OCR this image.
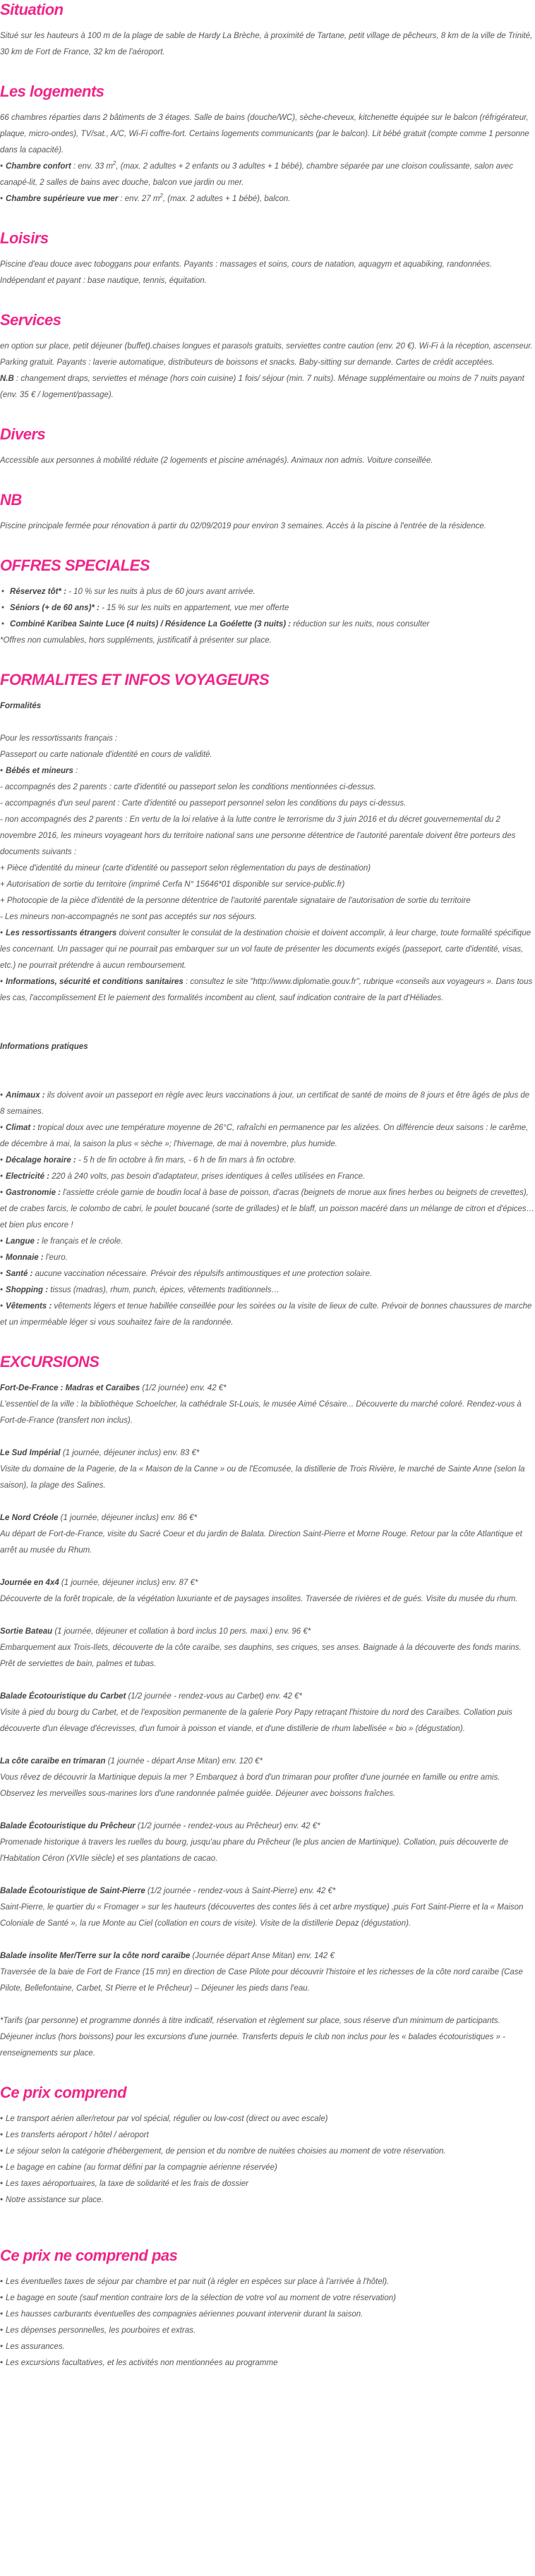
Situation

Situé sur les hauteurs à 100 m de la plage de sable de Hardy La Brèche, à proximité de Tartane, petit village de pêcheurs, 8 km de la ville de Trinité, 30 km de Fort de France, 32 km de l'aéroport.

Les logements

66 chambres réparties dans 2 bâtiments de 3 étages. Salle de bains (douche/WC), sèche-cheveux, kitchenette équipée sur le balcon (réfrigérateur, plaque, micro-ondes), TV/sat., A/C, Wi-Fi coffre-fort. Certains logements communicants (par le balcon). Lit bébé gratuit (compte comme 1 personne dans la capacité).

• Chambre confort : env. 33 $m^2$, (max. 2 adultes + 2 enfants ou 3 adultes + 1 bébé), chambre séparée par une cloison coulissante, salon avec canapé-lit, 2 salles de bains avec douche, balcon vue jardin ou mer.

• Chambre supérieure vue mer : env. 27 $m^2$, (max. 2 adultes + 1 bébé), balcon.

Loisirs

Piscine d'eau douce avec toboggans pour enfants. Payants : massages et soins, cours de natation, aquagym et aquabiking, randonnées. Indépendant et payant : base nautique, tennis, équitation.

Services

en option sur place, petit déjeuner (buffet).chaises longues et parasols gratuits, serviettes contre caution (env. 20 €). Wi-Fi à la réception, ascenseur. Parking gratuit. Payants : laverie automatique, distributeurs de boissons et snacks. Baby-sitting sur demande. Cartes de crédit acceptées.

N.B : changement draps, serviettes et ménage (hors coin cuisine) 1 fois/ séjour (min. 7 nuits). Ménage supplémentaire ou moins de 7 nuits payant (env. 35 € / logement/passage).

Divers

Accessible aux personnes à mobilité réduite (2 logements et piscine aménagés). Animaux non admis. Voiture conseillée.

NB

Piscine principale fermée pour rénovation à partir du 02/09/2019 pour environ 3 semaines. Accès à la piscine à l'entrée de la résidence.

OFFRES SPECIALES
• Réservez tôt* : - 10 % sur les nuits à plus de 60 jours avant arrivée.
• Séniors (+ de 60 ans)* : - 15 % sur les nuits en appartement, vue mer offerte
• Combiné Karibea Sainte Luce (4 nuits) / Résidence La Goélette (3 nuits) : réduction sur les nuits, nous consulter

*Offres non cumulables, hors suppléments, justificatif à présenter sur place.

FORMALITES ET INFOS VOYAGEURS

Formalités

Pour les ressortissants français :

Passeport ou carte nationale d'identité en cours de validité.

• Bébés et mineurs :

- accompagnés des 2 parents : carte d'identité ou passeport selon les conditions mentionnées ci-dessus.

- accompagnés d'un seul parent : Carte d'identité ou passeport personnel selon les conditions du pays ci-dessus.

- non accompagnés des 2 parents : En vertu de la loi relative à la lutte contre le terrorisme du 3 juin 2016 et du décret gouvernemental du 2 novembre 2016, les mineurs voyageant hors du territoire national sans une personne détentrice de l'autorité parentale doivent être porteurs des documents suivants :

+ Pièce d'identité du mineur (carte d'identité ou passeport selon règlementation du pays de destination)

+ Autorisation de sortie du territoire (imprimé Cerfa N° 15646*01 disponible sur service-public.fr)

+ Photocopie de la pièce d'identité de la personne détentrice de l'autorité parentale signataire de l'autorisation de sortie du territoire

- Les mineurs non-accompagnés ne sont pas acceptés sur nos séjours.

• Les ressortissants étrangers doivent consulter le consulat de la destination choisie et doivent accomplir, à leur charge, toute formalité spécifique les concernant. Un passager qui ne pourrait pas embarquer sur un vol faute de présenter les documents exigés (passeport, carte d'identité, visas, etc.) ne pourrait prétendre à aucun remboursement.

• Informations, sécurité et conditions sanitaires : consultez le site "http://www.diplomatie.gouv.fr", rubrique «conseils aux voyageurs ». Dans tous les cas, l'accomplissement Et le paiement des formalités incombent au client, sauf indication contraire de la part d'Héliades.

Informations pratiques

• Animaux : ils doivent avoir un passeport en règle avec leurs vaccinations à jour, un certificat de santé de moins de 8 jours et être âgés de plus de 8 semaines.

• Climat : tropical doux avec une température moyenne de 26°C, rafraîchi en permanence par les alizées. On différencie deux saisons : le carême, de décembre à mai, la saison la plus « sèche »; l'hivernage, de mai à novembre, plus humide.

• Décalage horaire : - 5 h de fin octobre à fin mars, - 6 h de fin mars à fin octobre.

• Electricité : 220 à 240 volts, pas besoin d'adaptateur, prises identiques à celles utilisées en France.

• Gastronomie : l'assiette créole garnie de boudin local à base de poisson, d'acras (beignets de morue aux fines herbes ou beignets de crevettes), et de crabes farcis, le colombo de cabri, le poulet boucané (sorte de grillades) et le blaff, un poisson macéré dans un mélange de citron et d'épices… et bien plus encore !

• Langue : le français et le créole.

• Monnaie : l'euro.

• Santé : aucune vaccination nécessaire. Prévoir des répulsifs antimoustiques et une protection solaire.

• Shopping : tissus (madras), rhum, punch, épices, vêtements traditionnels…

• Vêtements : vêtements légers et tenue habillée conseillée pour les soirées ou la visite de lieux de culte. Prévoir de bonnes chaussures de marche et un imperméable léger si vous souhaitez faire de la randonnée.

EXCURSIONS

Fort-De-France : Madras et Caraïbes (1/2 journée) env. 42 €*

L'essentiel de la ville : la bibliothèque Schoelcher, la cathédrale St-Louis, le musée Aimé Césaire... Découverte du marché coloré. Rendez-vous à Fort-de-France (transfert non inclus).

Le Sud Impérial (1 journée, déjeuner inclus) env. 83 €*

Visite du domaine de la Pagerie, de la « Maison de la Canne » ou de l'Ecomusée, la distillerie de Trois Rivière, le marché de Sainte Anne (selon la saison), la plage des Salines.

Le Nord Créole (1 journée, déjeuner inclus) env. 86 €*

Au départ de Fort-de-France, visite du Sacré Coeur et du jardin de Balata. Direction Saint-Pierre et Morne Rouge. Retour par la côte Atlantique et arrêt au musée du Rhum.

Journée en 4x4 (1 journée, déjeuner inclus) env. 87 €*

Découverte de la forêt tropicale, de la végétation luxuriante et de paysages insolites. Traversée de rivières et de gués. Visite du musée du rhum.

Sortie Bateau (1 journée, déjeuner et collation à bord inclus 10 pers. maxi.) env. 96 €*

Embarquement aux Trois-Ilets, découverte de la côte caraïbe, ses dauphins, ses criques, ses anses. Baignade à la découverte des fonds marins. Prêt de serviettes de bain, palmes et tubas.

Balade Écotouristique du Carbet (1/2 journée - rendez-vous au Carbet) env. 42 €*

Visite à pied du bourg du Carbet, et de l'exposition permanente de la galerie Pory Papy retraçant l'histoire du nord des Caraïbes. Collation puis découverte d'un élevage d'écrevisses, d'un fumoir à poisson et viande, et d'une distillerie de rhum labellisée « bio » (dégustation).

La côte caraïbe en trimaran (1 journée - départ Anse Mitan) env. 120 €*

Vous rêvez de découvrir la Martinique depuis la mer ? Embarquez à bord d'un trimaran pour profiter d'une journée en famille ou entre amis. Observez les merveilles sous-marines lors d'une randonnée palmée guidée. Déjeuner avec boissons fraîches.

Balade Écotouristique du Prêcheur (1/2 journée - rendez-vous au Prêcheur) env. 42 €*

Promenade historique à travers les ruelles du bourg, jusqu'au phare du Prêcheur (le plus ancien de Martinique). Collation, puis découverte de l'Habitation Céron (XVIIe siècle) et ses plantations de cacao.

Balade Écotouristique de Saint-Pierre (1/2 journée - rendez-vous à Saint-Pierre) env. 42 €*

Saint-Pierre, le quartier du « Fromager » sur les hauteurs (découvertes des contes liés à cet arbre mystique) ,puis Fort Saint-Pierre et la « Maison Coloniale de Santé », la rue Monte au Ciel (collation en cours de visite). Visite de la distillerie Depaz (dégustation).

Balade insolite Mer/Terre sur la côte nord caraïbe (Journée départ Anse Mitan) env. 142 €

Traversée de la baie de Fort de France (15 mn) en direction de Case Pilote pour découvrir l'histoire et les richesses de la côte nord caraïbe (Case Pilote, Bellefontaine, Carbet, St Pierre et le Prêcheur) – Déjeuner les pieds dans l'eau.

*Tarifs (par personne) et programme donnés à titre indicatif, réservation et règlement sur place, sous réserve d'un minimum de participants. Déjeuner inclus (hors boissons) pour les excursions d'une journée. Transferts depuis le club non inclus pour les « balades écotouristiques » - renseignements sur place.

Ce prix comprend
• Le transport aérien aller/retour par vol spécial, régulier ou low-cost (direct ou avec escale)
• Les transferts aéroport / hôtel / aéroport
• Le séjour selon la catégorie d'hébergement, de pension et du nombre de nuitées choisies au moment de votre réservation.
• Le bagage en cabine (au format défini par la compagnie aérienne réservée)
• Les taxes aéroportuaires, la taxe de solidarité et les frais de dossier
• Notre assistance sur place.
Ce prix ne comprend pas
• Les éventuelles taxes de séjour par chambre et par nuit (à régler en espèces sur place à l'arrivée à l'hôtel).
• Le bagage en soute (sauf mention contraire lors de la sélection de votre vol au moment de votre réservation)
• Les hausses carburants éventuelles des compagnies aériennes pouvant intervenir durant la saison.
• Les dépenses personnelles, les pourboires et extras.
• Les assurances.
• Les excursions facultatives, et les activités non mentionnées au programme
